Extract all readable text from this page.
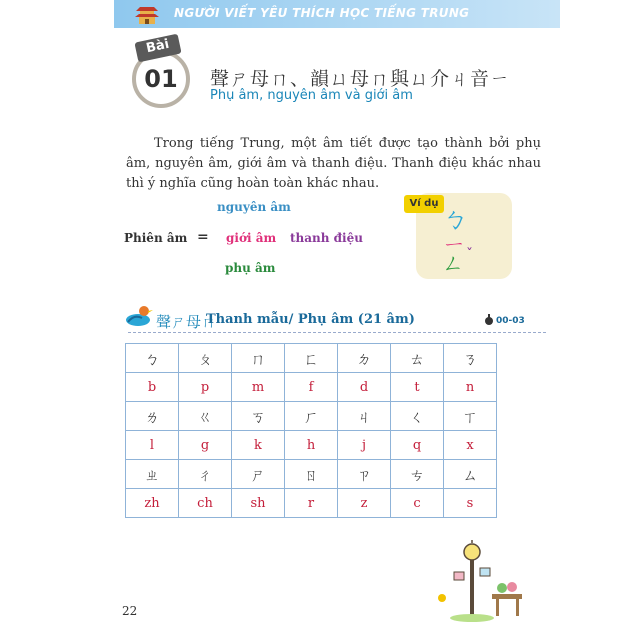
NGƯỜI VIẾT YÊU THÍCH HỌC TIẾNG TRUNG
01
Bài
聲ㄕ母ㄇ、韻ㄩ母ㄇ與ㄩ介ㄐ音ㄧ
Phụ âm, nguyên âm và giới âm
Trong tiếng Trung, một âm tiết được tạo thành bởi phụ âm, nguyên âm, giới âm và thanh điệu. Thanh điệu khác nhau thì ý nghĩa cũng hoàn toàn khác nhau.
Phiên âm =
nguyên âm
giới âm thanh điệu
phụ âm
Ví dụ
ㄅ
ㄧ
ㄥ ˇ
聲ㄕ母ㄇ
Thanh mẫu/ Phụ âm (21 âm)	00-03
ㄅ	ㄆ	ㄇ	ㄈ	ㄉ	ㄊ	ㄋ
b	p	m	f	d	t	n
ㄌ	ㄍ	ㄎ	ㄏ	ㄐ	ㄑ	ㄒ
l	g	k	h	j	q	x
ㄓ	ㄔ	ㄕ	ㄖ	ㄗ	ㄘ	ㄙ
zh	ch	sh	r	z	c	s
22
